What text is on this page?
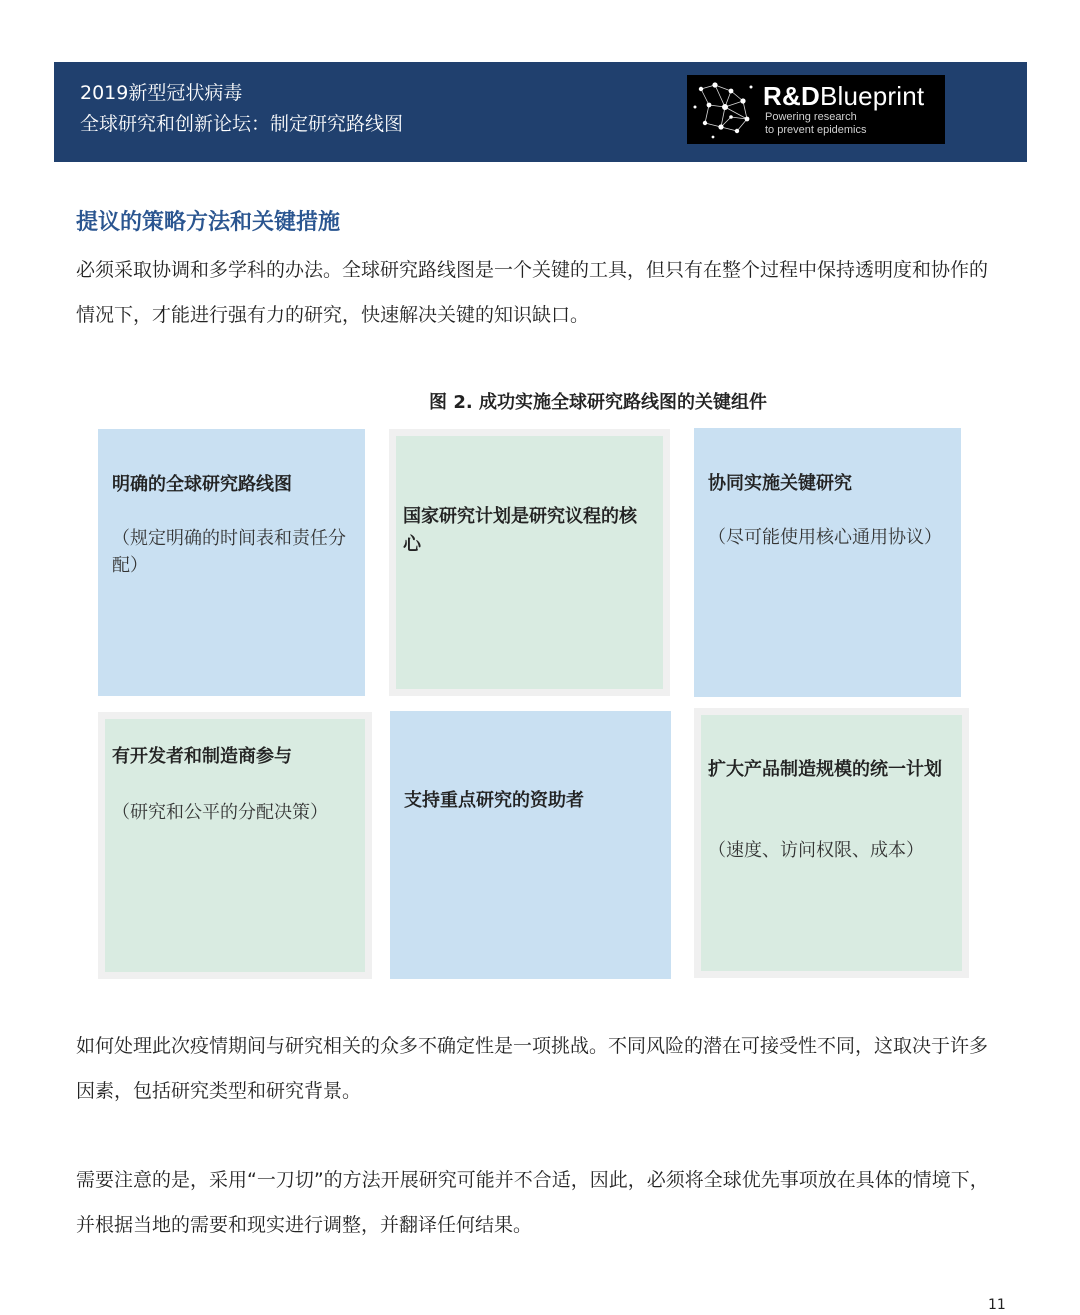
2019新型冠状病毒
全球研究和创新论坛：制定研究路线图
R&DBlueprint
Powering research
to prevent epidemics
提议的策略方法和关键措施
必须采取协调和多学科的办法。全球研究路线图是一个关键的工具，但只有在整个过程中保持透明度和协作的情况下，才能进行强有力的研究，快速解决关键的知识缺口。
图 2. 成功实施全球研究路线图的关键组件
明确的全球研究路线图
（规定明确的时间表和责任分配）
国家研究计划是研究议程的核心
协同实施关键研究
（尽可能使用核心通用协议）
有开发者和制造商参与
（研究和公平的分配决策）
支持重点研究的资助者
扩大产品制造规模的统一计划
（速度、访问权限、成本）
如何处理此次疫情期间与研究相关的众多不确定性是一项挑战。不同风险的潜在可接受性不同，这取决于许多因素，包括研究类型和研究背景。
需要注意的是，采用“一刀切”的方法开展研究可能并不合适，因此，必须将全球优先事项放在具体的情境下，并根据当地的需要和现实进行调整，并翻译任何结果。
11
